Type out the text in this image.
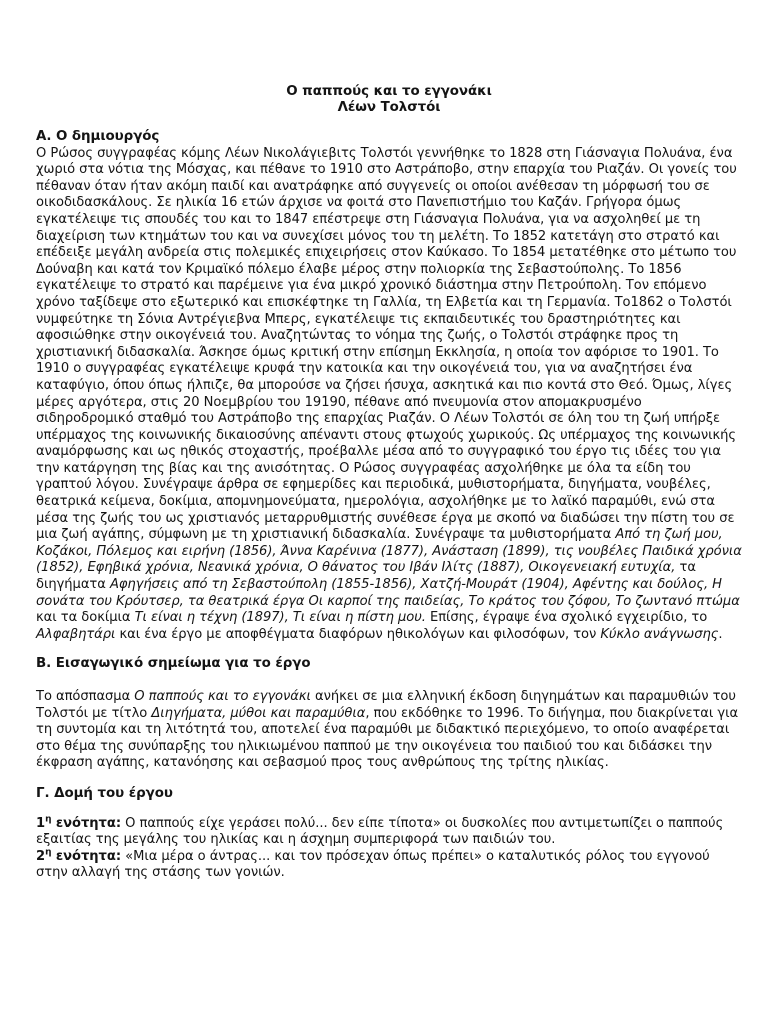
Ο παππούς και το εγγονάκι
Λέων Τολστόι
Α. Ο δημιουργός

Ο Ρώσος συγγραφέας κόμης Λέων Νικολάγιεβιτς Τολστόι γεννήθηκε το 1828 στη Γιάσναγια Πολυάνα, ένα χωριό στα νότια της Μόσχας, και πέθανε το 1910 στο Αστράποβο, στην επαρχία του Ριαζάν. Οι γονείς του πέθαναν όταν ήταν ακόμη παιδί και ανατράφηκε από συγγενείς οι οποίοι ανέθεσαν τη μόρφωσή του σε οικοδιδασκάλους. Σε ηλικία 16 ετών άρχισε να φοιτά στο Πανεπιστήμιο του Καζάν. Γρήγορα όμως εγκατέλειψε τις σπουδές του και το 1847 επέστρεψε στη Γιάσναγια Πολυάνα, για να ασχοληθεί με τη διαχείριση των κτημάτων του και να συνεχίσει μόνος του τη μελέτη. Το 1852 κατετάγη στο στρατό και επέδειξε μεγάλη ανδρεία στις πολεμικές επιχειρήσεις στον Καύκασο. Το 1854 μετατέθηκε στο μέτωπο του Δούναβη και κατά τον Κριμαϊκό πόλεμο έλαβε μέρος στην πολιορκία της Σεβαστούπολης. Το 1856 εγκατέλειψε το στρατό και παρέμεινε για ένα μικρό χρονικό διάστημα στην Πετρούπολη. Τον επόμενο χρόνο ταξίδεψε στο εξωτερικό και επισκέφτηκε τη Γαλλία, τη Ελβετία και τη Γερμανία. Το1862 ο Τολστόι νυμφεύτηκε τη Σόνια Αντρέγιεβνα Μπερς, εγκατέλειψε τις εκπαιδευτικές του δραστηριότητες και αφοσιώθηκε στην οικογένειά του. Αναζητώντας το νόημα της ζωής, ο Τολστόι στράφηκε προς τη χριστιανική διδασκαλία. Άσκησε όμως κριτική στην επίσημη Εκκλησία, η οποία τον αφόρισε το 1901. Το 1910 ο συγγραφέας εγκατέλειψε κρυφά την κατοικία και την οικογένειά του, για να αναζητήσει ένα καταφύγιο, όπου όπως ήλπιζε, θα μπορούσε να ζήσει ήσυχα, ασκητικά και πιο κοντά στο Θεό. Όμως, λίγες μέρες αργότερα, στις 20 Νοεμβρίου του 19190, πέθανε από πνευμονία στον απομακρυσμένο σιδηροδρομικό σταθμό του Αστράποβο της επαρχίας Ριαζάν. Ο Λέων Τολστόι σε όλη του τη ζωή υπήρξε υπέρμαχος της κοινωνικής δικαιοσύνης απέναντι στους φτωχούς χωρικούς. Ως υπέρμαχος της κοινωνικής αναμόρφωσης και ως ηθικός στοχαστής, προέβαλλε μέσα από το συγγραφικό του έργο τις ιδέες του για την κατάργηση της βίας και της ανισότητας. Ο Ρώσος συγγραφέας ασχολήθηκε με όλα τα είδη του γραπτού λόγου. Συνέγραψε άρθρα σε εφημερίδες και περιοδικά, μυθιστορήματα, διηγήματα, νουβέλες, θεατρικά κείμενα, δοκίμια, απομνημονεύματα, ημερολόγια, ασχολήθηκε με το λαϊκό παραμύθι, ενώ στα μέσα της ζωής του ως χριστιανός μεταρρυθμιστής συνέθεσε έργα με σκοπό να διαδώσει την πίστη του σε μια ζωή αγάπης, σύμφωνη με τη χριστιανική διδασκαλία. Συνέγραψε τα μυθιστορήματα Από τη ζωή μου, Κοζάκοι, Πόλεμος και ειρήνη (1856), Άννα Καρένινα (1877), Ανάσταση (1899), τις νουβέλες Παιδικά χρόνια (1852), Εφηβικά χρόνια, Νεανικά χρόνια, Ο θάνατος του Ιβάν Ιλίτς (1887), Οικογενειακή ευτυχία, τα διηγήματα Αφηγήσεις από τη Σεβαστούπολη (1855-1856), Χατζή-Μουράτ (1904), Αφέντης και δούλος, Η σονάτα του Κρόυτσερ, τα θεατρικά έργα Οι καρποί της παιδείας, Το κράτος του ζόφου, Το ζωντανό πτώμα και τα δοκίμια Τι είναι η τέχνη (1897), Τι είναι η πίστη μου. Επίσης, έγραψε ένα σχολικό εγχειρίδιο, το Αλφαβητάρι και ένα έργο με αποφθέγματα διαφόρων ηθικολόγων και φιλοσόφων, τον Κύκλο ανάγνωσης.

Β. Εισαγωγικό σημείωμα για το έργο

Το απόσπασμα Ο παππούς και το εγγονάκι ανήκει σε μια ελληνική έκδοση διηγημάτων και παραμυθιών του Τολστόι με τίτλο Διηγήματα, μύθοι και παραμύθια, που εκδόθηκε το 1996. Το διήγημα, που διακρίνεται για τη συντομία και τη λιτότητά του, αποτελεί ένα παραμύθι με διδακτικό περιεχόμενο, το οποίο αναφέρεται στο θέμα της συνύπαρξης του ηλικιωμένου παππού με την οικογένεια του παιδιού του και διδάσκει την έκφραση αγάπης, κατανόησης και σεβασμού προς τους ανθρώπους της τρίτης ηλικίας.

Γ. Δομή του έργου

$1^\eta$ ενότητα: Ο παππούς είχε γεράσει πολύ... δεν είπε τίποτα» οι δυσκολίες που αντιμετωπίζει ο παππούς εξαιτίας της μεγάλης του ηλικίας και η άσχημη συμπεριφορά των παιδιών του.

$2^\eta$ ενότητα: «Μια μέρα ο άντρας... και τον πρόσεχαν όπως πρέπει» ο καταλυτικός ρόλος του εγγονού στην αλλαγή της στάσης των γονιών.
